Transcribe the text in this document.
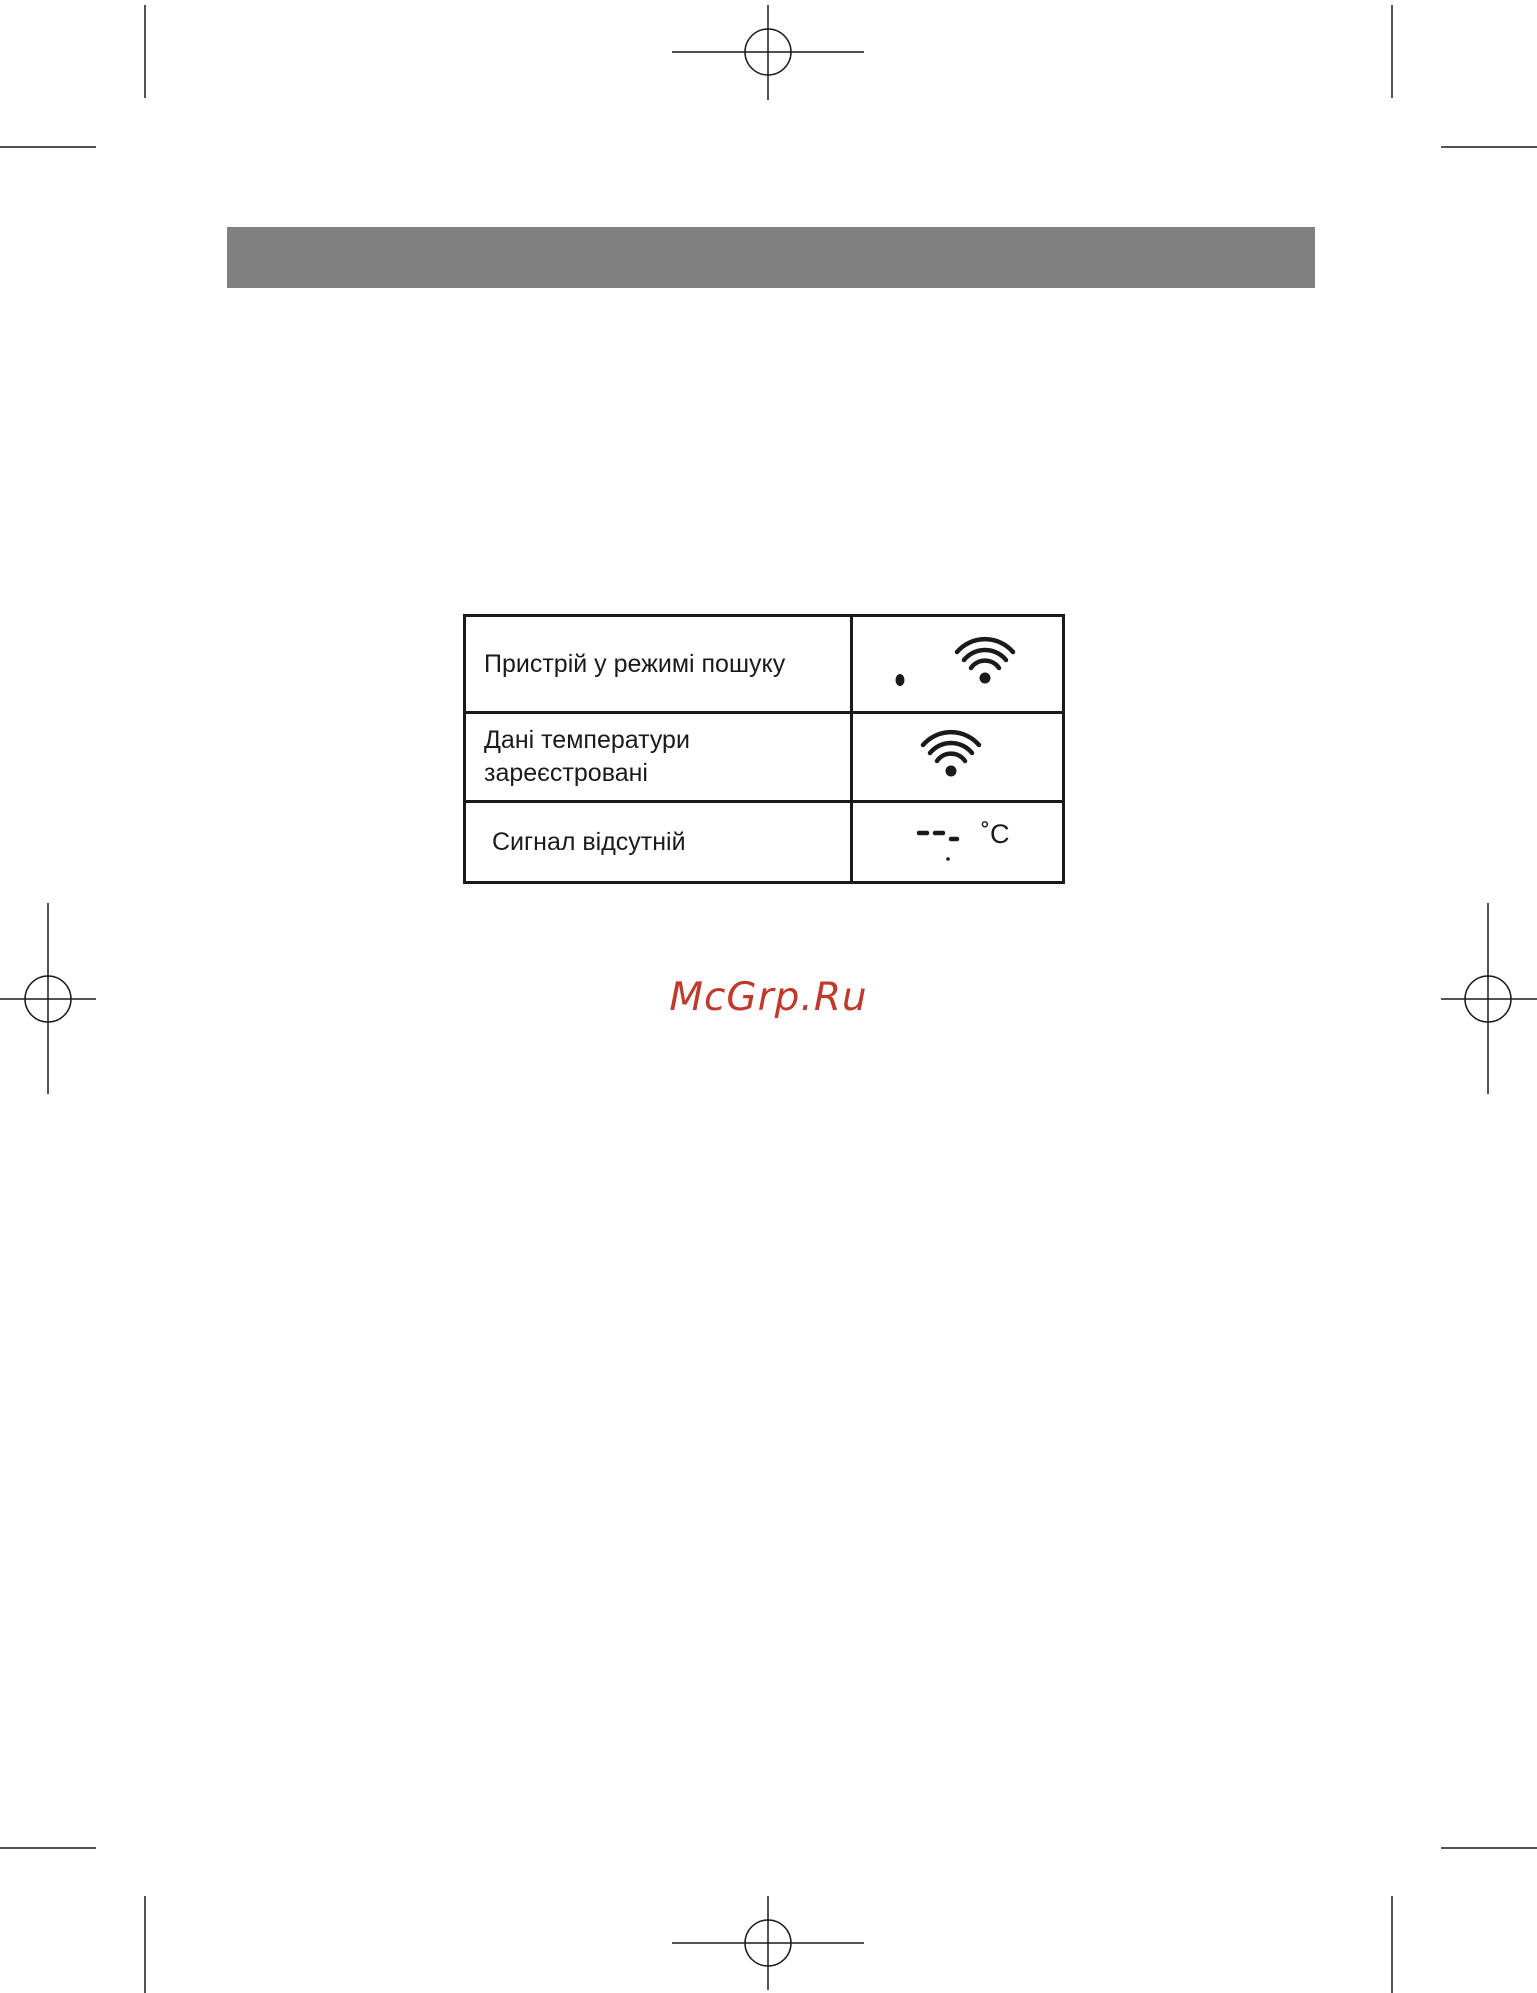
Пристрій у режимі пошуку	

Дані температури
зареєстровані

Сигнал відсутній	˚C
McGrp.Ru
